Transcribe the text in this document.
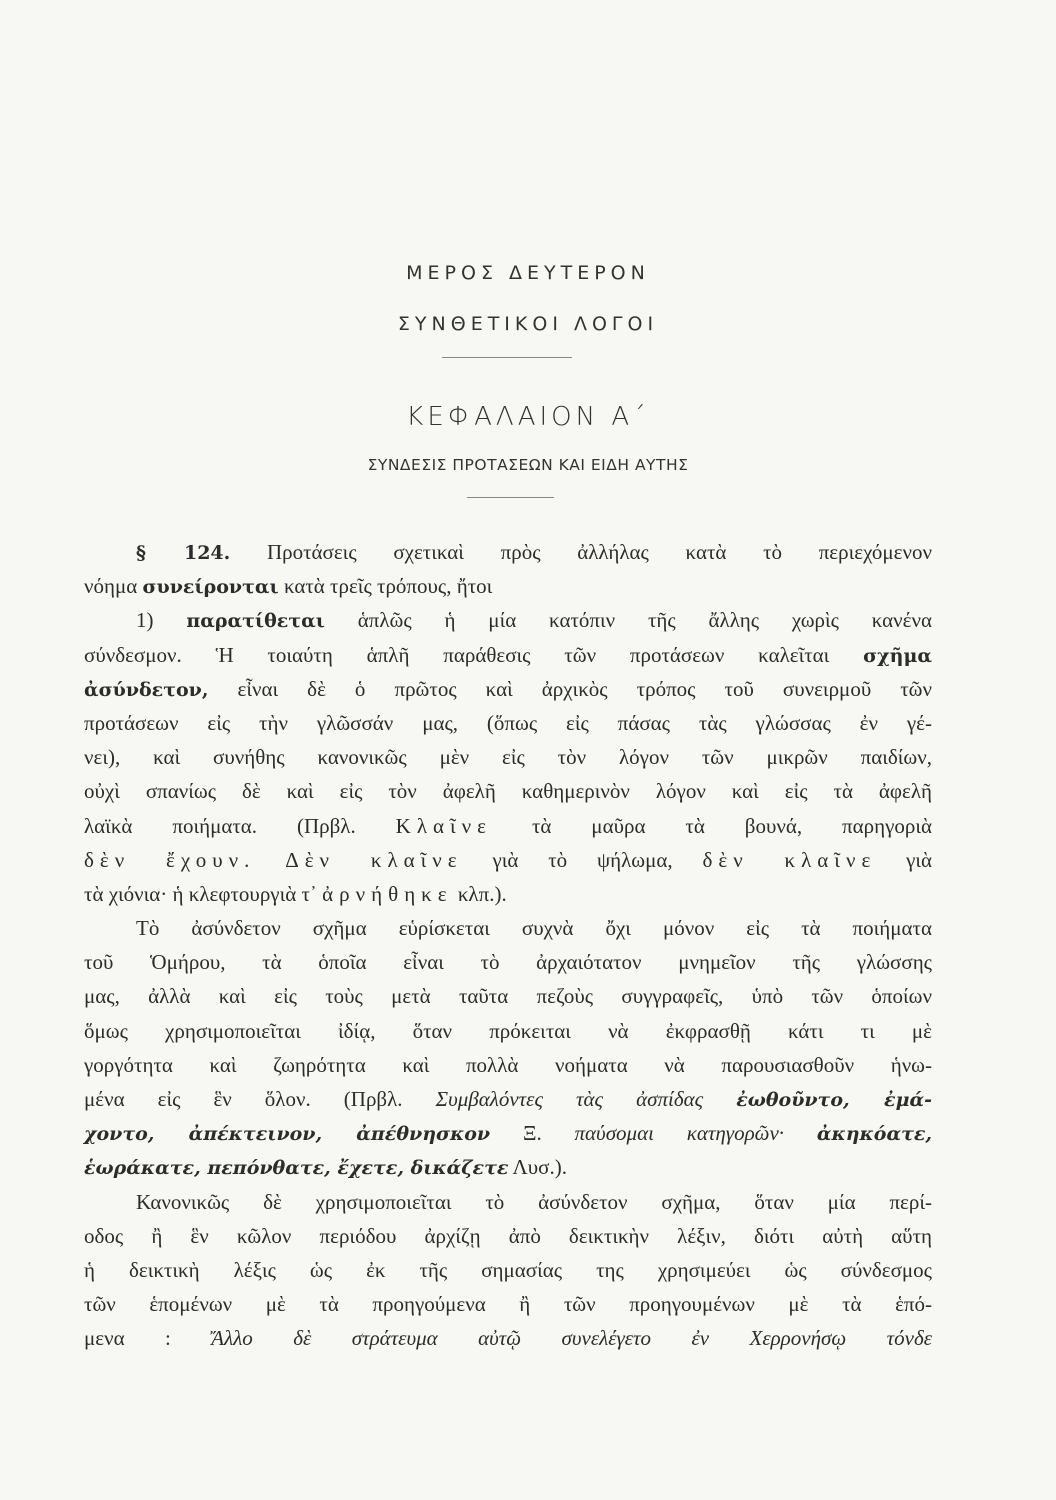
ΜΕΡΟΣ ΔΕΥΤΕΡΟΝ
ΣΥΝΘΕΤΙΚΟΙ ΛΟΓΟΙ
ΚΕΦΑΛΑΙΟΝ Α΄
ΣΥΝΔΕΣΙΣ ΠΡΟΤΑΣΕΩΝ ΚΑΙ ΕΙΔΗ ΑΥΤΗΣ
§ 124. Προτάσεις σχετικαὶ πρὸς ἀλλήλας κατὰ τὸ περιεχόμενον
νόημα συνείρονται κατὰ τρεῖς τρόπους, ἤτοι
1) παρατίθεται ἁπλῶς ἡ μία κατόπιν τῆς ἄλλης χωρὶς κανένα
σύνδεσμον. Ἡ τοιαύτη ἁπλῆ παράθεσις τῶν προτάσεων καλεῖται σχῆμα
ἀσύνδετον, εἶναι δὲ ὁ πρῶτος καὶ ἀρχικὸς τρόπος τοῦ συνειρμοῦ τῶν
προτάσεων εἰς τὴν γλῶσσάν μας, (ὅπως εἰς πάσας τὰς γλώσσας ἐν γέ-
νει), καὶ συνήθης κανονικῶς μὲν εἰς τὸν λόγον τῶν μικρῶν παιδίων,
οὐχὶ σπανίως δὲ καὶ εἰς τὸν ἀφελῆ καθημερινὸν λόγον καὶ εἰς τὰ ἀφελῆ
λαϊκὰ ποιήματα. (Πρβλ. Κλαῖνε τὰ μαῦρα τὰ βουνά, παρηγοριὰ
δὲν ἔχουν. Δὲν κλαῖνε γιὰ τὸ ψήλωμα, δὲν κλαῖνε γιὰ
τὰ χιόνια· ἡ κλεφτουργιὰ τ᾿ ἀρνήθηκε κλπ.).
Τὸ ἀσύνδετον σχῆμα εὑρίσκεται συχνὰ ὄχι μόνον εἰς τὰ ποιήματα
τοῦ Ὁμήρου, τὰ ὁποῖα εἶναι τὸ ἀρχαιότατον μνημεῖον τῆς γλώσσης
μας, ἀλλὰ καὶ εἰς τοὺς μετὰ ταῦτα πεζοὺς συγγραφεῖς, ὑπὸ τῶν ὁποίων
ὅμως χρησιμοποιεῖται ἰδίᾳ, ὅταν πρόκειται νὰ ἐκφρασθῇ κάτι τι μὲ
γοργότητα καὶ ζωηρότητα καὶ πολλὰ νοήματα νὰ παρουσιασθοῦν ἡνω-
μένα εἰς ἓν ὅλον. (Πρβλ. Συμβαλόντες τὰς ἀσπίδας ἐωθοῦντο, ἐμά-
χοντο, ἀπέκτεινον, ἀπέθνησκον Ξ. παύσομαι κατηγορῶν· ἀκηκόατε,
ἑωράκατε, πεπόνθατε, ἔχετε, δικάζετε Λυσ.).
Κανονικῶς δὲ χρησιμοποιεῖται τὸ ἀσύνδετον σχῆμα, ὅταν μία περί-
οδος ἢ ἓν κῶλον περιόδου ἀρχίζῃ ἀπὸ δεικτικὴν λέξιν, διότι αὐτὴ αὕτη
ἡ δεικτικὴ λέξις ὡς ἐκ τῆς σημασίας της χρησιμεύει ὡς σύνδεσμος
τῶν ἑπομένων μὲ τὰ προηγούμενα ἢ τῶν προηγουμένων μὲ τὰ ἑπό-
μενα : Ἄλλο δὲ στράτευμα αὐτῷ συνελέγετο ἐν Χερρονήσῳ τόνδε
